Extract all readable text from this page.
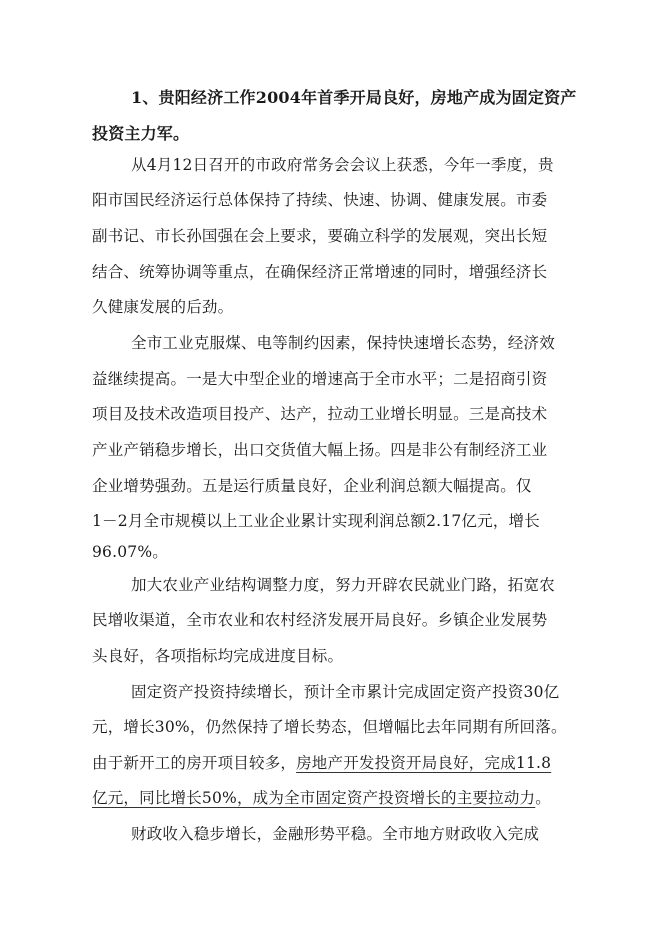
1、贵阳经济工作2004年首季开局良好，房地产成为固定资产
投资主力军。
从4月12日召开的市政府常务会会议上获悉，今年一季度，贵
阳市国民经济运行总体保持了持续、快速、协调、健康发展。市委
副书记、市长孙国强在会上要求，要确立科学的发展观，突出长短
结合、统筹协调等重点，在确保经济正常增速的同时，增强经济长
久健康发展的后劲。
全市工业克服煤、电等制约因素，保持快速增长态势，经济效
益继续提高。一是大中型企业的增速高于全市水平；二是招商引资
项目及技术改造项目投产、达产，拉动工业增长明显。三是高技术
产业产销稳步增长，出口交货值大幅上扬。四是非公有制经济工业
企业增势强劲。五是运行质量良好，企业利润总额大幅提高。仅
1－2月全市规模以上工业企业累计实现利润总额2.17亿元，增长
96.07%。
加大农业产业结构调整力度，努力开辟农民就业门路，拓宽农
民增收渠道，全市农业和农村经济发展开局良好。乡镇企业发展势
头良好，各项指标均完成进度目标。
固定资产投资持续增长，预计全市累计完成固定资产投资30亿
元，增长30%，仍然保持了增长势态，但增幅比去年同期有所回落。
由于新开工的房开项目较多，房地产开发投资开局良好，完成11.8
亿元，同比增长50%，成为全市固定资产投资增长的主要拉动力。
财政收入稳步增长，金融形势平稳。全市地方财政收入完成
